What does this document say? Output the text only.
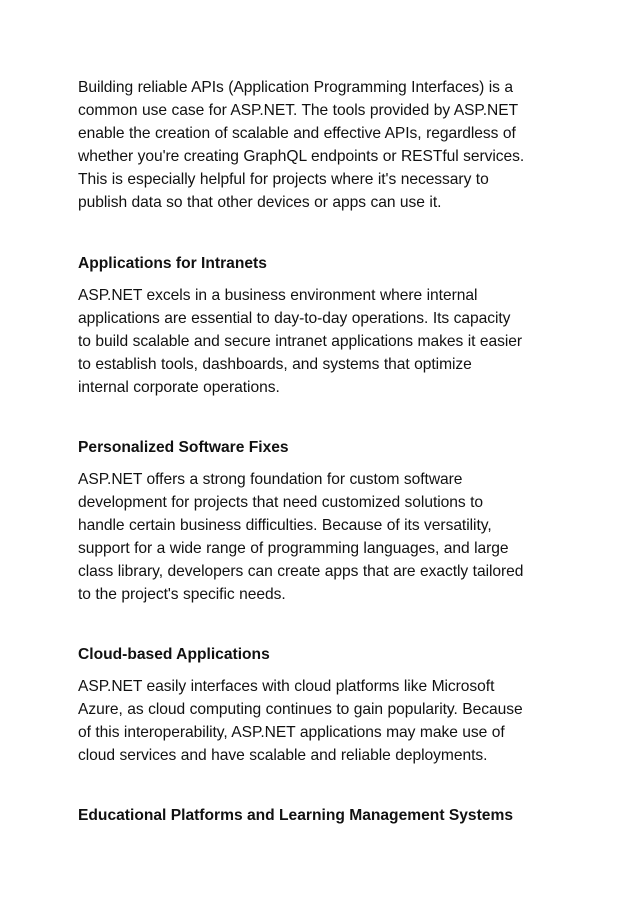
Building reliable APIs (Application Programming Interfaces) is a
common use case for ASP.NET. The tools provided by ASP.NET
enable the creation of scalable and effective APIs, regardless of
whether you're creating GraphQL endpoints or RESTful services.
This is especially helpful for projects where it's necessary to
publish data so that other devices or apps can use it.

Applications for Intranets

ASP.NET excels in a business environment where internal
applications are essential to day-to-day operations. Its capacity
to build scalable and secure intranet applications makes it easier
to establish tools, dashboards, and systems that optimize
internal corporate operations.

Personalized Software Fixes

ASP.NET offers a strong foundation for custom software
development for projects that need customized solutions to
handle certain business difficulties. Because of its versatility,
support for a wide range of programming languages, and large
class library, developers can create apps that are exactly tailored
to the project's specific needs.

Cloud-based Applications

ASP.NET easily interfaces with cloud platforms like Microsoft
Azure, as cloud computing continues to gain popularity. Because
of this interoperability, ASP.NET applications may make use of
cloud services and have scalable and reliable deployments.

Educational Platforms and Learning Management Systems
